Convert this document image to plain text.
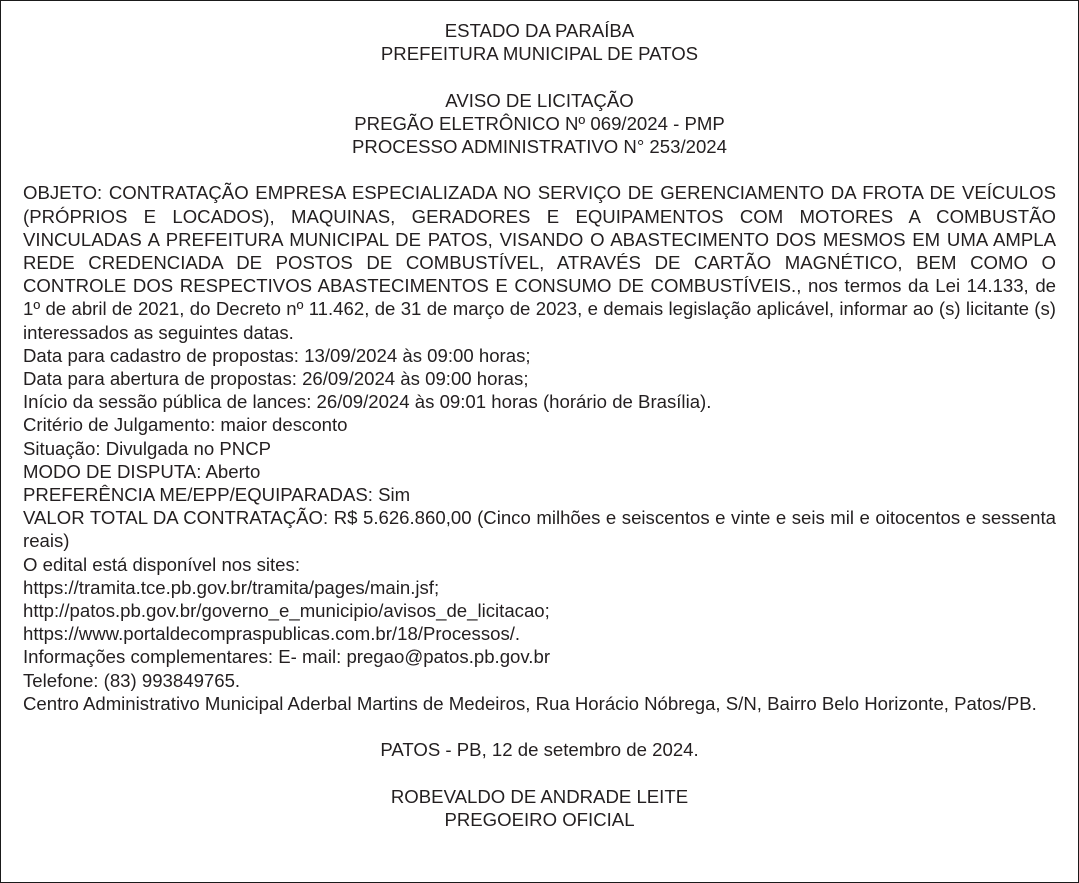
ESTADO DA PARAÍBA
PREFEITURA MUNICIPAL DE PATOS
AVISO DE LICITAÇÃO
PREGÃO ELETRÔNICO Nº 069/2024 - PMP
PROCESSO ADMINISTRATIVO N° 253/2024
OBJETO: CONTRATAÇÃO EMPRESA ESPECIALIZADA NO SERVIÇO DE GERENCIAMENTO DA FROTA DE VEÍCULOS (PRÓPRIOS E LOCADOS), MAQUINAS, GERADORES E EQUIPAMENTOS COM MOTORES A COMBUSTÃO VINCULADAS A PREFEITURA MUNICIPAL DE PATOS, VISANDO O ABASTECIMENTO DOS MESMOS EM UMA AMPLA REDE CREDENCIADA DE POSTOS DE COMBUSTÍVEL, ATRAVÉS DE CARTÃO MAGNÉTICO, BEM COMO O CONTROLE DOS RESPECTIVOS ABASTECIMENTOS E CONSUMO DE COMBUSTÍVEIS., nos termos da Lei 14.133, de 1º de abril de 2021, do Decreto nº 11.462, de 31 de março de 2023, e demais legislação aplicável, informar ao (s) licitante (s) interessados as seguintes datas.
Data para cadastro de propostas: 13/09/2024 às 09:00 horas;
Data para abertura de propostas: 26/09/2024 às 09:00 horas;
Início da sessão pública de lances: 26/09/2024 às 09:01 horas (horário de Brasília).
Critério de Julgamento: maior desconto
Situação: Divulgada no PNCP
MODO DE DISPUTA: Aberto
PREFERÊNCIA ME/EPP/EQUIPARADAS: Sim
VALOR TOTAL DA CONTRATAÇÃO: R$ 5.626.860,00 (Cinco milhões e seiscentos e vinte e seis mil e oitocentos e sessenta reais)
O edital está disponível nos sites:
https://tramita.tce.pb.gov.br/tramita/pages/main.jsf;
http://patos.pb.gov.br/governo_e_municipio/avisos_de_licitacao;
https://www.portaldecompraspublicas.com.br/18/Processos/.
Informações complementares: E- mail: pregao@patos.pb.gov.br
Telefone: (83) 993849765.
Centro Administrativo Municipal Aderbal Martins de Medeiros, Rua Horácio Nóbrega, S/N, Bairro Belo Horizonte, Patos/PB.
PATOS - PB, 12 de setembro de 2024.
ROBEVALDO DE ANDRADE LEITE
PREGOEIRO OFICIAL
